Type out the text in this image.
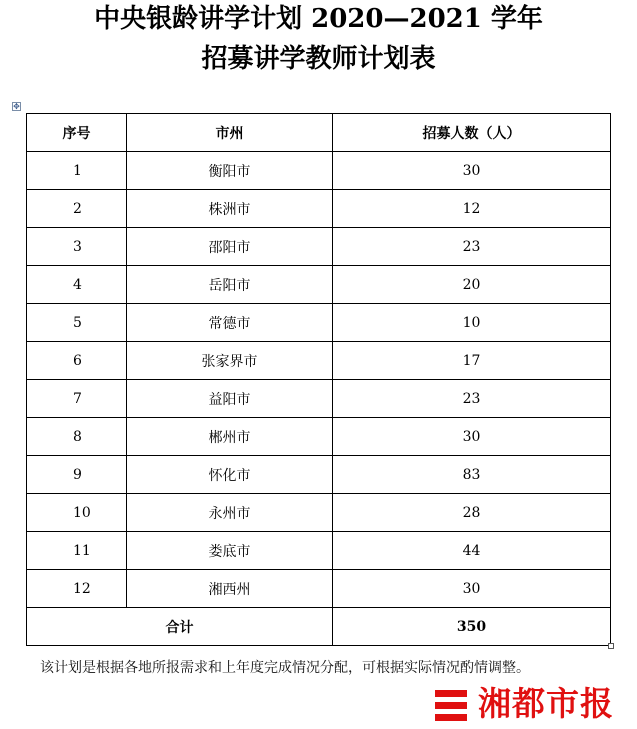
中央银龄讲学计划 2020—2021 学年
招募讲学教师计划表
✥
序号	市州	招募人数（人）
1	衡阳市	30
2	株洲市	12
3	邵阳市	23
4	岳阳市	20
5	常德市	10
6	张家界市	17
7	益阳市	23
8	郴州市	30
9	怀化市	83
10	永州市	28
11	娄底市	44
12	湘西州	30
合计		350
该计划是根据各地所报需求和上年度完成情况分配，可根据实际情况酌情调整。
湘都市报
